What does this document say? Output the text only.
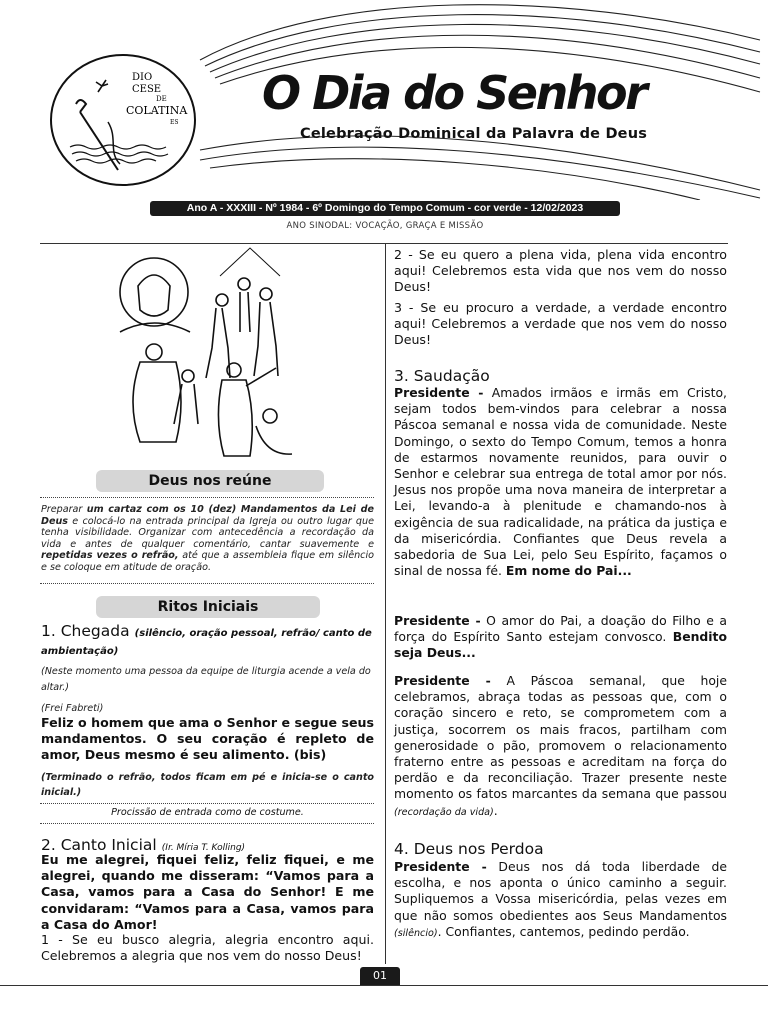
DIO
CESE
DE
COLATINA
ES
O Dia do Senhor
Celebração Dominical da Palavra de Deus
Ano A - XXXIII - Nº 1984 - 6º Domingo do Tempo Comum - cor verde - 12/02/2023
ANO SINODAL: VOCAÇÃO, GRAÇA E MISSÃO
Deus nos reúne
Preparar um cartaz com os 10 (dez) Mandamentos da Lei de Deus e colocá-lo na entrada principal da Igreja ou outro lugar que tenha visibilidade. Organizar com antecedência a recordação da vida e antes de qualquer comentário, cantar suavemente e repetidas vezes o refrão, até que a assembleia fique em silêncio e se coloque em atitude de oração.
Ritos Iniciais
1. Chegada (silêncio, oração pessoal, refrão/ canto de ambientação)
(Neste momento uma pessoa da equipe de liturgia acende a vela do altar.)
(Frei Fabreti)
Feliz o homem que ama o Senhor e segue seus mandamentos. O seu coração é repleto de amor, Deus mesmo é seu alimento. (bis)
(Terminado o refrão, todos ficam em pé e inicia-se o canto inicial.)
Procissão de entrada como de costume.
2. Canto Inicial (Ir. Míria T. Kolling)
Eu me alegrei, fiquei feliz, feliz fiquei, e me alegrei, quando me disseram: “Vamos para a Casa, vamos para a Casa do Senhor! E me convidaram: “Vamos para a Casa, vamos para a Casa do Amor!
1 - Se eu busco alegria, alegria encontro aqui. Celebremos a alegria que nos vem do nosso Deus!
2 - Se eu quero a plena vida, plena vida encontro aqui! Celebremos esta vida que nos vem do nosso Deus!
3 - Se eu procuro a verdade, a verdade encontro aqui! Celebremos a verdade que nos vem do nosso Deus!
3. Saudação
Presidente - Amados irmãos e irmãs em Cristo, sejam todos bem-vindos para celebrar a nossa Páscoa semanal e nossa vida de comunidade. Neste Domingo, o sexto do Tempo Comum, temos a honra de estarmos novamente reunidos, para ouvir o Senhor e celebrar sua entrega de total amor por nós. Jesus nos propõe uma nova maneira de interpretar a Lei, levando-a à plenitude e chamando-nos à exigência de sua radicalidade, na prática da justiça e da misericórdia. Confiantes que Deus revela a sabedoria de Sua Lei, pelo Seu Espírito, façamos o sinal de nossa fé. Em nome do Pai...
Presidente - O amor do Pai, a doação do Filho e a força do Espírito Santo estejam convosco. Bendito seja Deus...
Presidente - A Páscoa semanal, que hoje celebramos, abraça todas as pessoas que, com o coração sincero e reto, se comprometem com a justiça, socorrem os mais fracos, partilham com generosidade o pão, promovem o relacionamento fraterno entre as pessoas e acreditam na força do perdão e da reconciliação. Trazer presente neste momento os fatos marcantes da semana que passou (recordação da vida).
4. Deus nos Perdoa
Presidente - Deus nos dá toda liberdade de escolha, e nos aponta o único caminho a seguir. Supliquemos a Vossa misericórdia, pelas vezes em que não somos obedientes aos Seus Mandamentos (silêncio). Confiantes, cantemos, pedindo perdão.
01
